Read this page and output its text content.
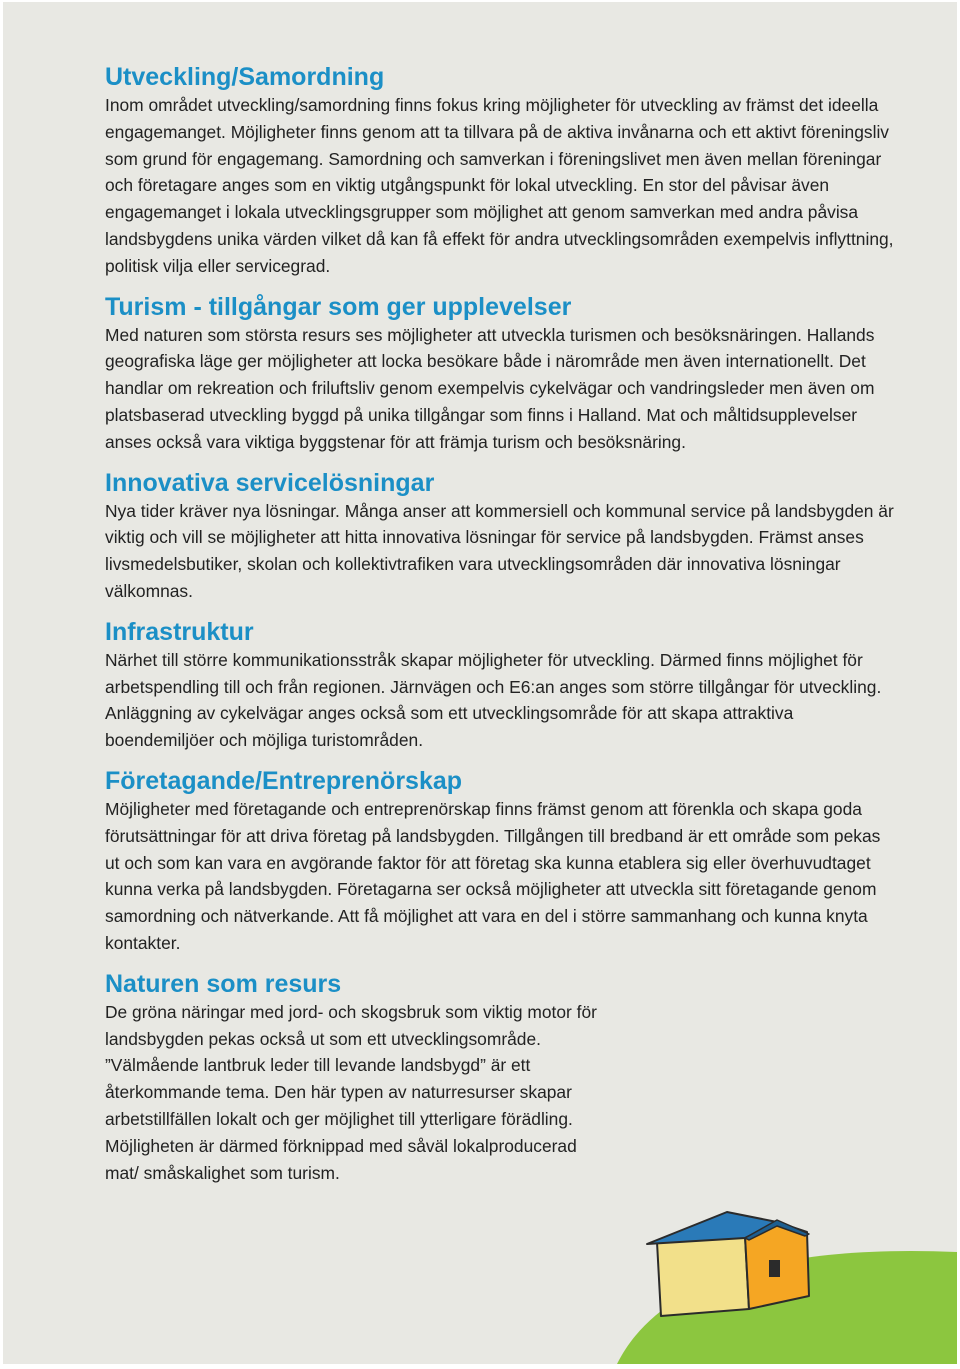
Utveckling/Samordning

Inom området utveckling/samordning finns fokus kring möjligheter för utveckling av främst det ideella engagemanget. Möjligheter finns genom att ta tillvara på de aktiva invånarna och ett aktivt föreningsliv som grund för engagemang. Samordning och samverkan i föreningslivet men även mellan föreningar och företagare anges som en viktig utgångspunkt för lokal utveckling. En stor del påvisar även engagemanget i lokala utvecklingsgrupper som möjlighet att genom samverkan med andra påvisa landsbygdens unika värden vilket då kan få effekt för andra utvecklingsområden exempelvis inflyttning, politisk vilja eller servicegrad.

Turism - tillgångar som ger upplevelser

Med naturen som största resurs ses möjligheter att utveckla turismen och besöksnäringen. Hallands geografiska läge ger möjligheter att locka besökare både i närområde men även internationellt. Det handlar om rekreation och friluftsliv genom exempelvis cykelvägar och vandringsleder men även om platsbaserad utveckling byggd på unika tillgångar som finns i Halland. Mat och måltidsupplevelser anses också vara viktiga byggstenar för att främja turism och besöksnäring.

Innovativa servicelösningar

Nya tider kräver nya lösningar. Många anser att kommersiell och kommunal service på landsbygden är viktig och vill se möjligheter att hitta innovativa lösningar för service på landsbygden. Främst anses livsmedelsbutiker, skolan och kollektivtrafiken vara utvecklingsområden där innovativa lösningar välkomnas.

Infrastruktur

Närhet till större kommunikationsstråk skapar möjligheter för utveckling. Därmed finns möjlighet för arbetspendling till och från regionen. Järnvägen och E6:an anges som större tillgångar för utveckling. Anläggning av cykelvägar anges också som ett utvecklingsområde för att skapa attraktiva boendemiljöer och möjliga turistområden.

Företagande/Entreprenörskap

Möjligheter med företagande och entreprenörskap finns främst genom att förenkla och skapa goda förutsättningar för att driva företag på landsbygden. Tillgången till bredband är ett område som pekas ut och som kan vara en avgörande faktor för att företag ska kunna etablera sig eller överhuvudtaget kunna verka på landsbygden. Företagarna ser också möjligheter att utveckla sitt företagande genom samordning och nätverkande. Att få möjlighet att vara en del i större sammanhang och kunna knyta kontakter.

Naturen som resurs

De gröna näringar med jord- och skogsbruk som viktig motor för landsbygden pekas också ut som ett utvecklingsområde. ”Välmående lantbruk leder till levande landsbygd” är ett återkommande tema. Den här typen av naturresurser skapar arbetstillfällen lokalt och ger möjlighet till ytterligare förädling. Möjligheten är därmed förknippad med såväl lokalproducerad mat/ småskalighet som turism.
